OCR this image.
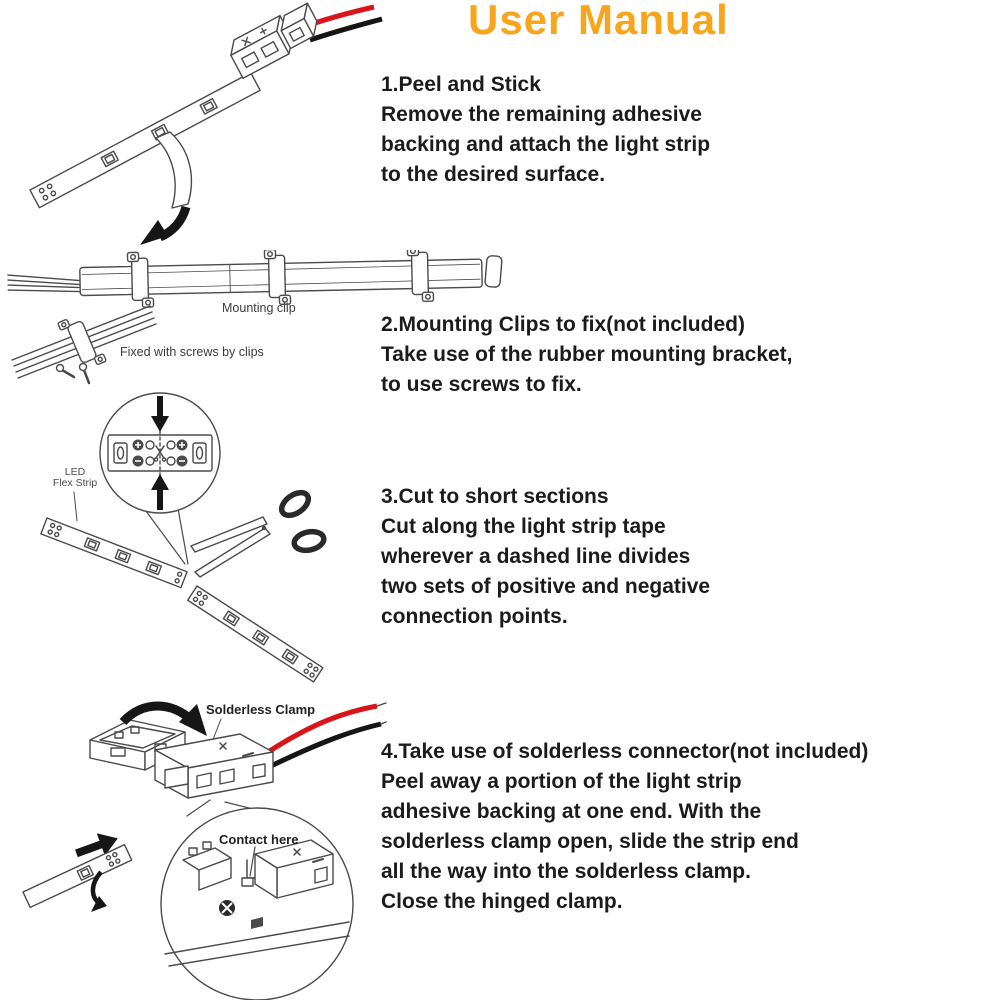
User Manual
1.Peel and Stick
Remove the remaining adhesive
backing and attach the light strip
to the desired surface.
2.Mounting Clips to fix(not included)
Take use of the rubber mounting bracket,
to use screws to fix.
3.Cut to short sections
Cut along the light strip tape
wherever a dashed line divides
two sets of positive and negative
connection points.
4.Take use of solderless connector(not included)
Peel away a portion of the light strip
adhesive backing at one end. With the
solderless clamp open, slide the strip end
all the way into the solderless clamp.
Close the hinged clamp.
Mounting clip
Fixed with screws by clips
LED
Flex Strip
Solderless Clamp
Contact here
